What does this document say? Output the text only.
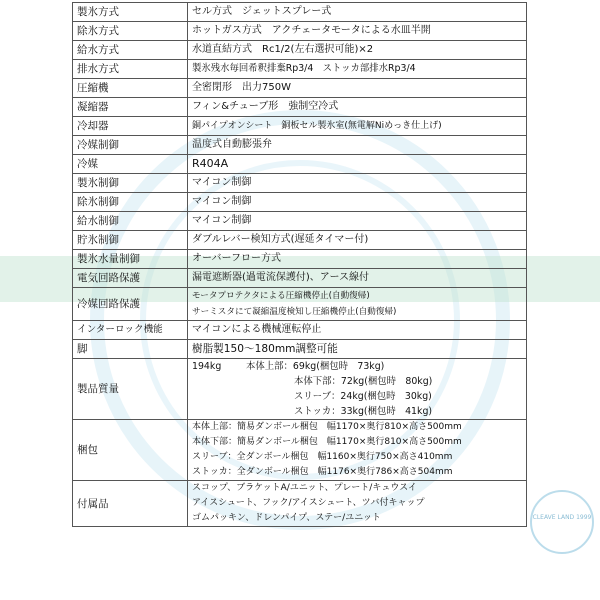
CLEAVE LAND 1999
製氷方式	セル方式　ジェットスプレー式
除氷方式	ホットガス方式　アクチェータモータによる水皿半開
給水方式	水道直結方式　Rc1/2(左右選択可能)×2
排水方式	製氷残水毎回希釈排棄Rp3/4　ストッカ部排水Rp3/4
圧縮機	全密閉形　出力750W
凝縮器	フィン&チューブ形　強制空冷式
冷却器	銅パイプオンシート　銅板セル製氷室(無電解Niめっき仕上げ)
冷媒制御	温度式自動膨張弁
冷媒	R404A
製氷制御	マイコン制御
除氷制御	マイコン制御
給水制御	マイコン制御
貯氷制御	ダブルレバー検知方式(遅延タイマー付)
製氷水量制御	オーバーフロー方式
電気回路保護	漏電遮断器(過電流保護付)、アース線付
冷媒回路保護	モータプロテクタによる圧縮機停止(自動復帰)
サーミスタにて凝縮温度検知し圧縮機停止(自動復帰)

インターロック機能	マイコンによる機械運転停止
脚	樹脂製150〜180mm調整可能
製品質量	194kg 本体上部：69kg(梱包時　73kg)
本体下部：72kg(梱包時　80kg)
スリーブ：24kg(梱包時　30kg)
ストッカ：33kg(梱包時　41kg)

梱包	本体上部：簡易ダンボール梱包　幅1170×奥行810×高さ500mm
本体下部：簡易ダンボール梱包　幅1170×奥行810×高さ500mm
スリーブ：全ダンボール梱包　幅1160×奥行750×高さ410mm
ストッカ：全ダンボール梱包　幅1176×奥行786×高さ504mm

付属品	スコップ、ブラケットA/ユニット、プレート/キュウスイ
アイスシュート、フック/アイスシュート、ツバ付キャップ
ゴムパッキン、ドレンパイプ、ステー/ユニット
